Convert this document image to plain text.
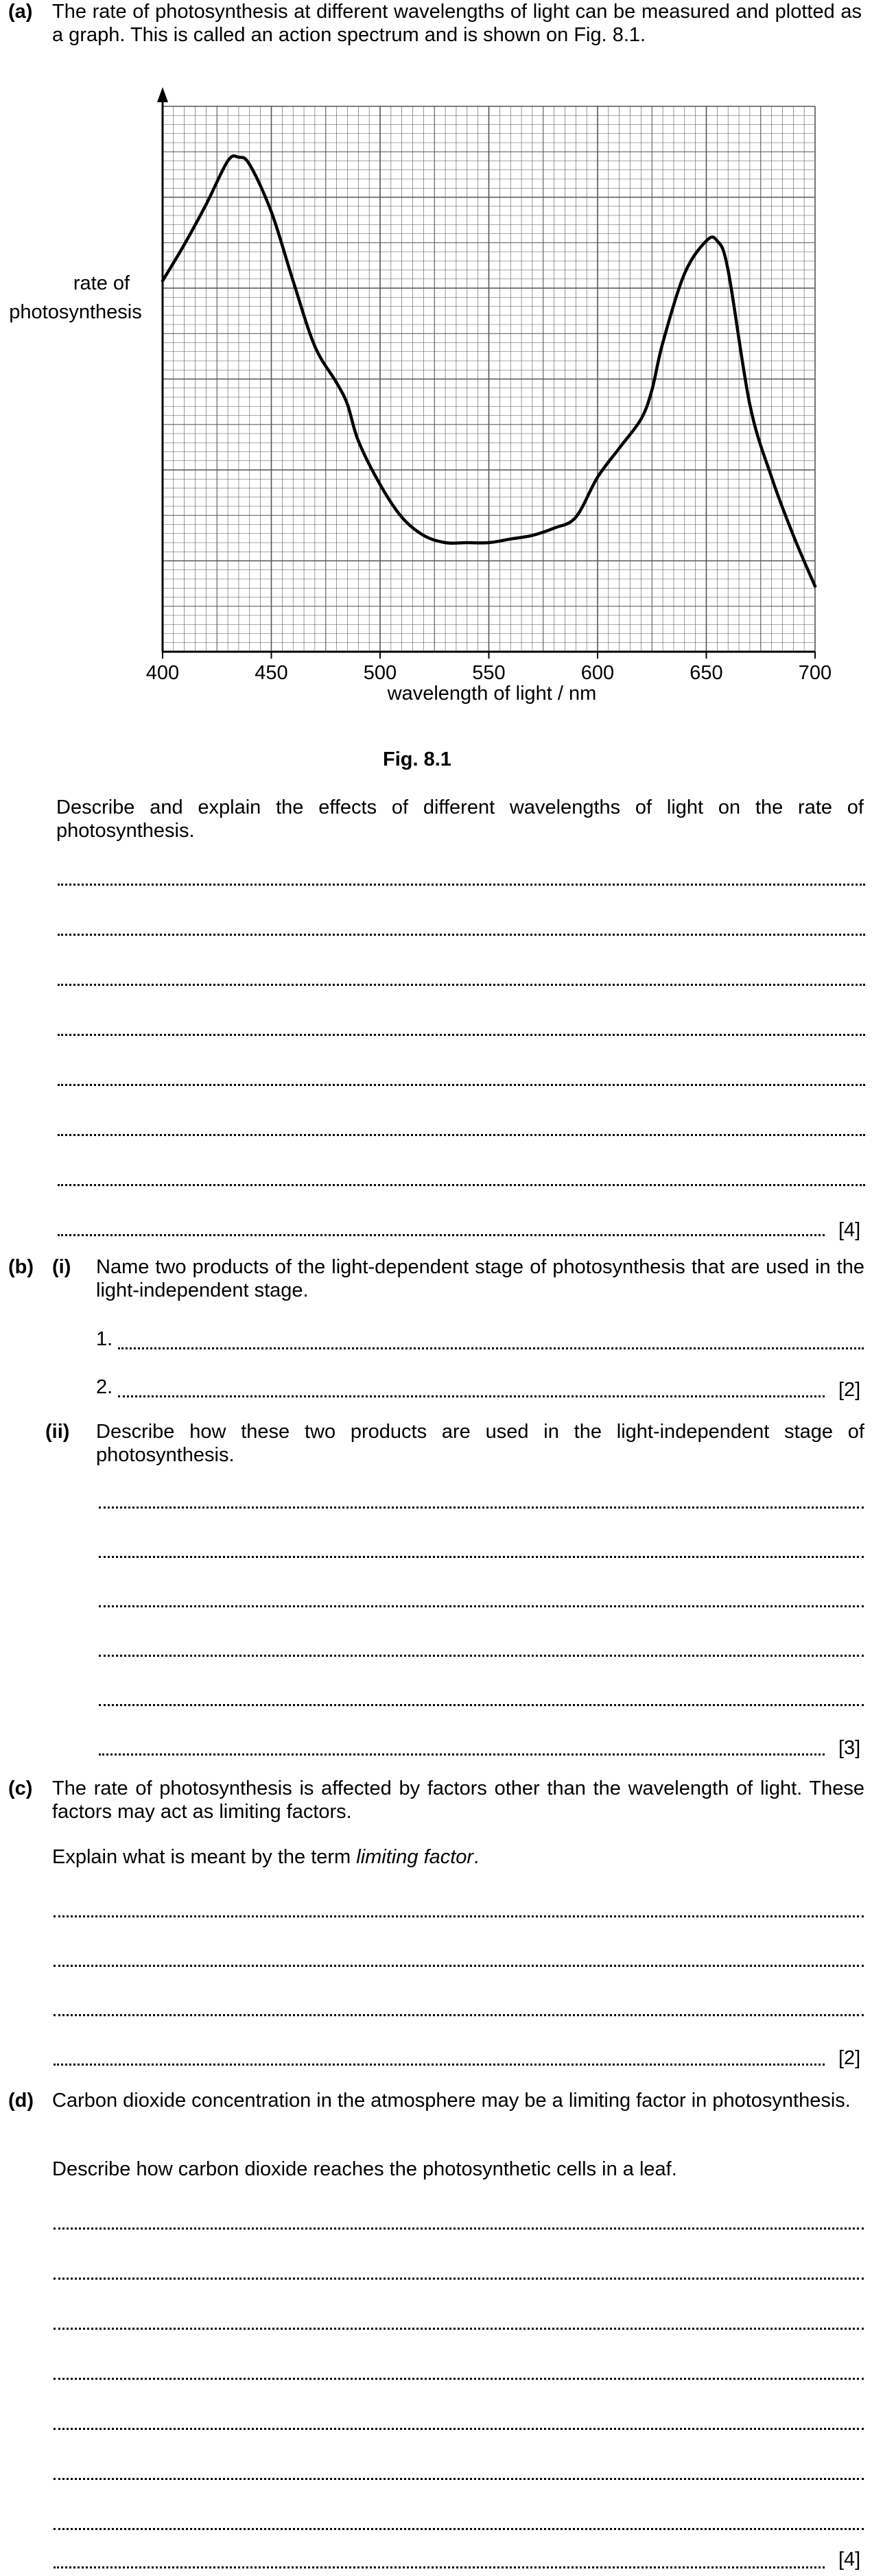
(a) The rate of photosynthesis at different wavelengths of light can be measured and plotted as a graph. This is called an action spectrum and is shown on Fig. 8.1.
400	450	500	550	600	650	700
rate of
photosynthesis
wavelength of light / nm
Fig. 8.1
Describe and explain the effects of different wavelengths of light on the rate of photosynthesis.
[4]
(b) (i) Name two products of the light-dependent stage of photosynthesis that are used in the light-independent stage.
1.
2.	[2]
(ii) Describe how these two products are used in the light-independent stage of photosynthesis.
[3]
(c) The rate of photosynthesis is affected by factors other than the wavelength of light. These factors may act as limiting factors.
Explain what is meant by the term limiting factor.
[2]
(d) Carbon dioxide concentration in the atmosphere may be a limiting factor in photosynthesis.
Describe how carbon dioxide reaches the photosynthetic cells in a leaf.
[4]
